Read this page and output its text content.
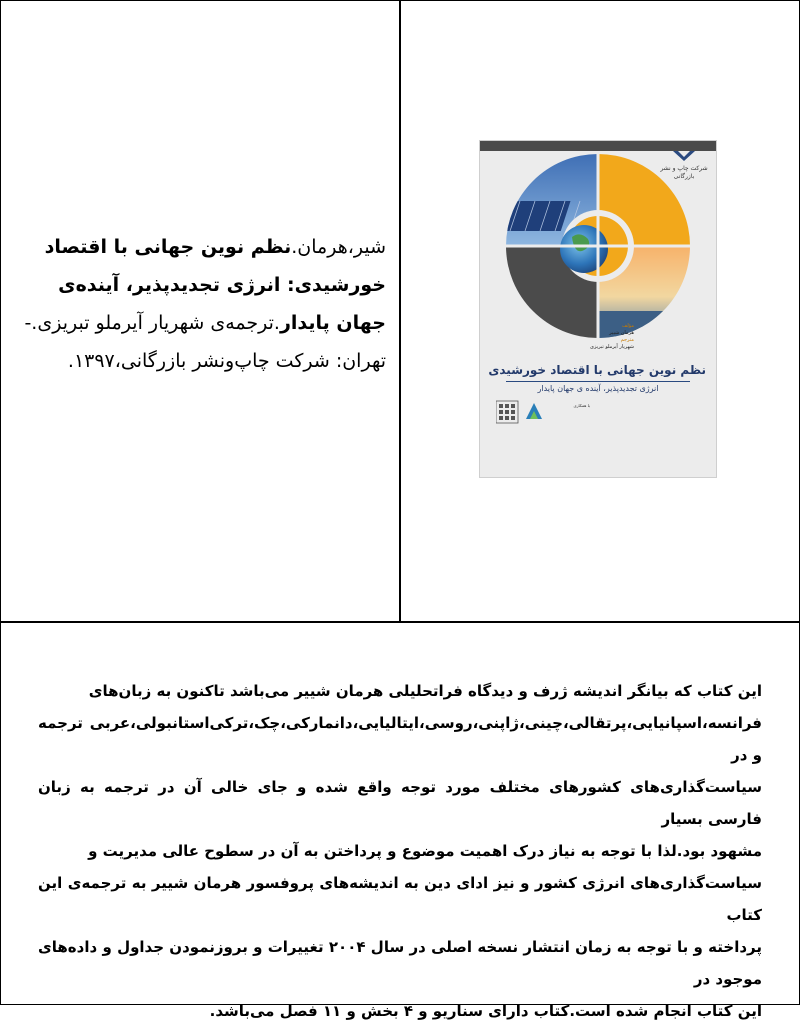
شیر،هرمان.نظم نوین جهانی با اقتصاد خورشیدی: انرژی تجدیدپذیر، آینده‌ی جهان پایدار.ترجمه‌ی شهریار آیرملو تبریزی.- تهران: شرکت چاپ‌ونشر بازرگانی،۱۳۹۷.
شرکت چاپ و نشر بازرگانی
مؤلف
هرمان شییر
مترجم
شهریار آیرملو تبریزی
نظم نوین جهانی با اقتصاد خورشیدی
انرژی تجدیدپذیر، آینده ی جهان پایدار
با همکاری
این کتاب که بیانگر اندیشه ژرف و دیدگاه فراتحلیلی هرمان شییر می‌باشد تاکنون به زبان‌های
فرانسه،اسپانیایی،پرتقالی،چینی،ژاپنی،روسی،ایتالیایی،دانمارکی،چک،ترکی‌استانبولی،عربی ترجمه و در
سیاست‌گذاری‌های کشورهای مختلف مورد توجه واقع شده و جای خالی آن در ترجمه به زبان فارسی بسیار
مشهود بود.لذا با توجه به نیاز درک اهمیت موضوع و پرداختن به آن در سطوح عالی مدیریت و
سیاست‌گذاری‌های انرژی کشور و نیز ادای دین به اندیشه‌های پروفسور هرمان شییر به ترجمه‌ی این کتاب
پرداخته و با توجه به زمان انتشار نسخه اصلی در سال ۲۰۰۴ تغییرات و بروزنمودن جداول و داده‌های موجود در
این کتاب انجام شده است.کتاب دارای سناریو و ۴ بخش و ۱۱ فصل می‌باشد.
